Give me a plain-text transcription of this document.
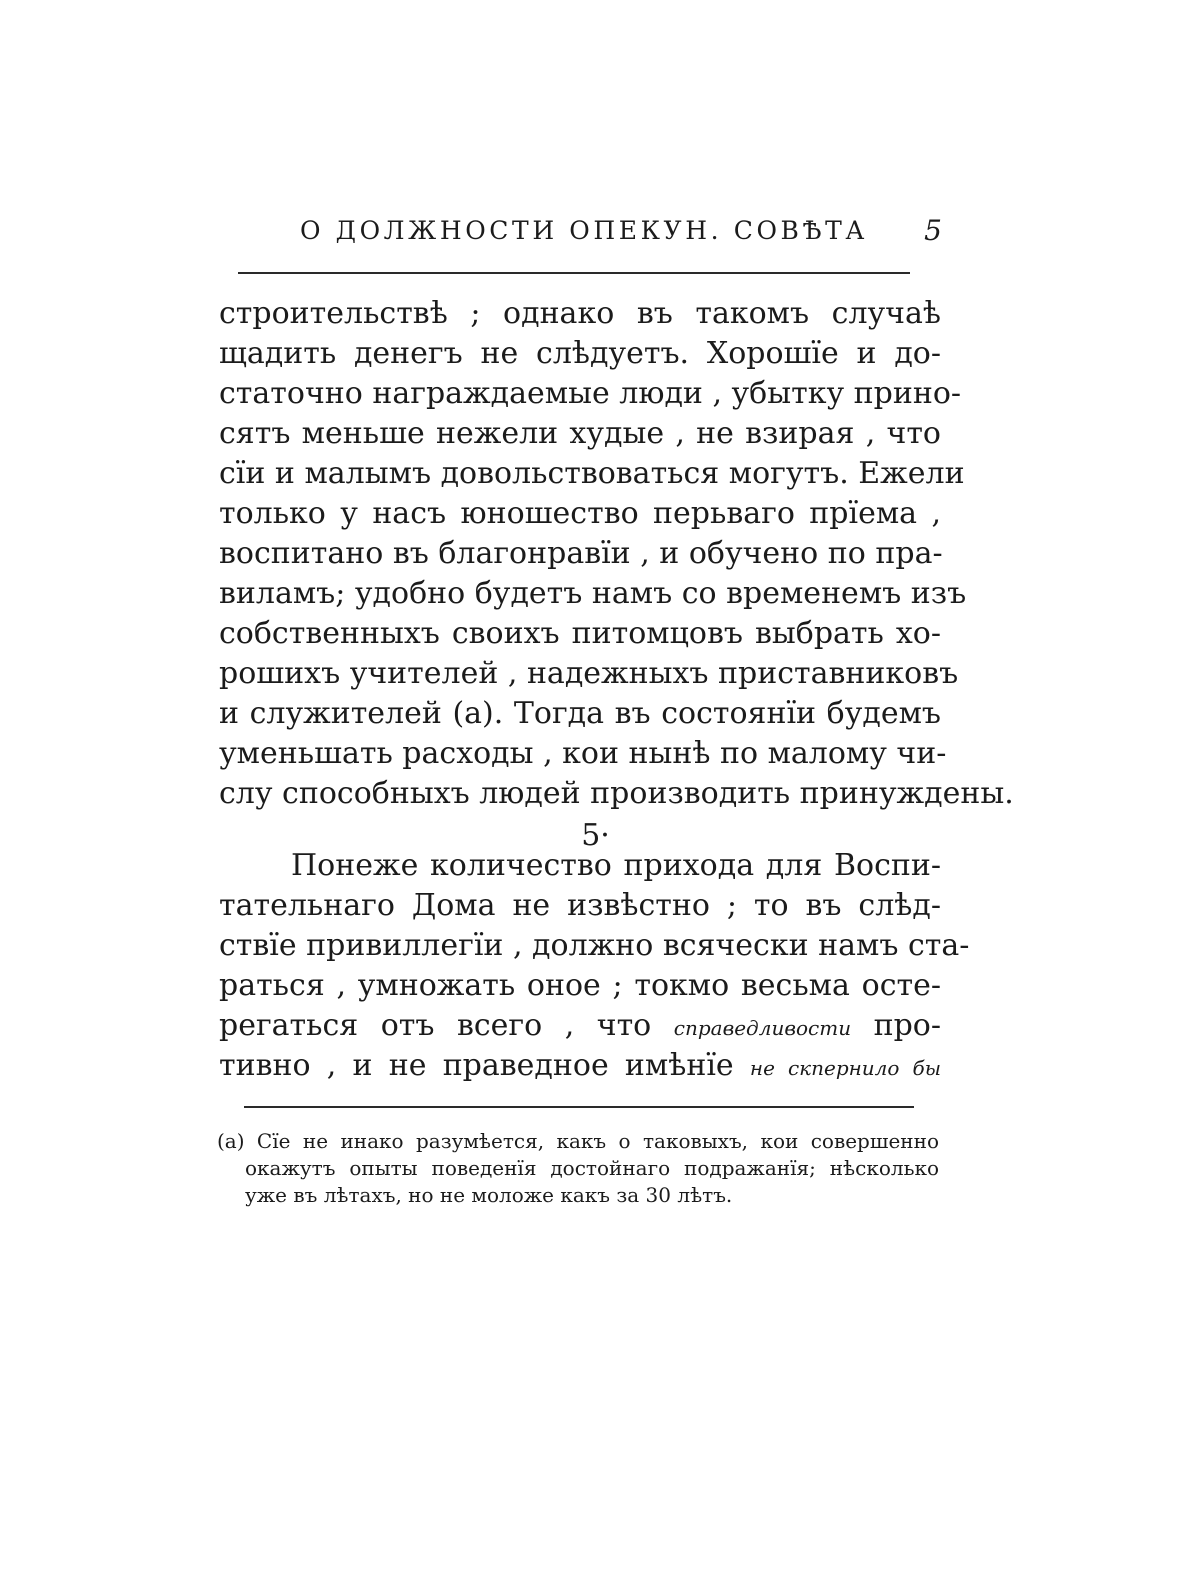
О ДОЛЖНОСТИ ОПЕКУН. СОВѢТА 5
строительствѣ ; однако въ такомъ случаѣ
щадить денегъ не слѣдуетъ. Хорошїе и до-
статочно награждаемые люди , убытку прино-
сятъ меньше нежели худые , не взирая , что
сїи и малымъ довольствоваться могутъ. Ежели
только у насъ юношество перьваго прїема ,
воспитано въ благонравїи , и обучено по пра-
виламъ; удобно будетъ намъ со временемъ изъ
собственныхъ своихъ питомцовъ выбрать хо-
рошихъ учителей , надежныхъ приставниковъ
и служителей (а). Тогда въ состоянїи будемъ
уменьшать расходы , кои нынѣ по малому чи-
слу способныхъ людей производить принуждены.
5·
Понеже количество прихода для Воспи-
тательнаго Дома не извѣстно ; то въ слѣд-
ствїе привиллегїи , должно всячески намъ ста-
раться , умножать оное ; токмо весьма осте-
регаться отъ всего , что справедливости про-
тивно , и не праведное имѣнїе не скпернило бы
(а) Сїе не инако разумѣется, какъ о таковыхъ, кои совершенно
окажутъ опыты поведенїя достойнаго подражанїя; нѣсколько
уже въ лѣтахъ, но не моложе какъ за 30 лѣтъ.
